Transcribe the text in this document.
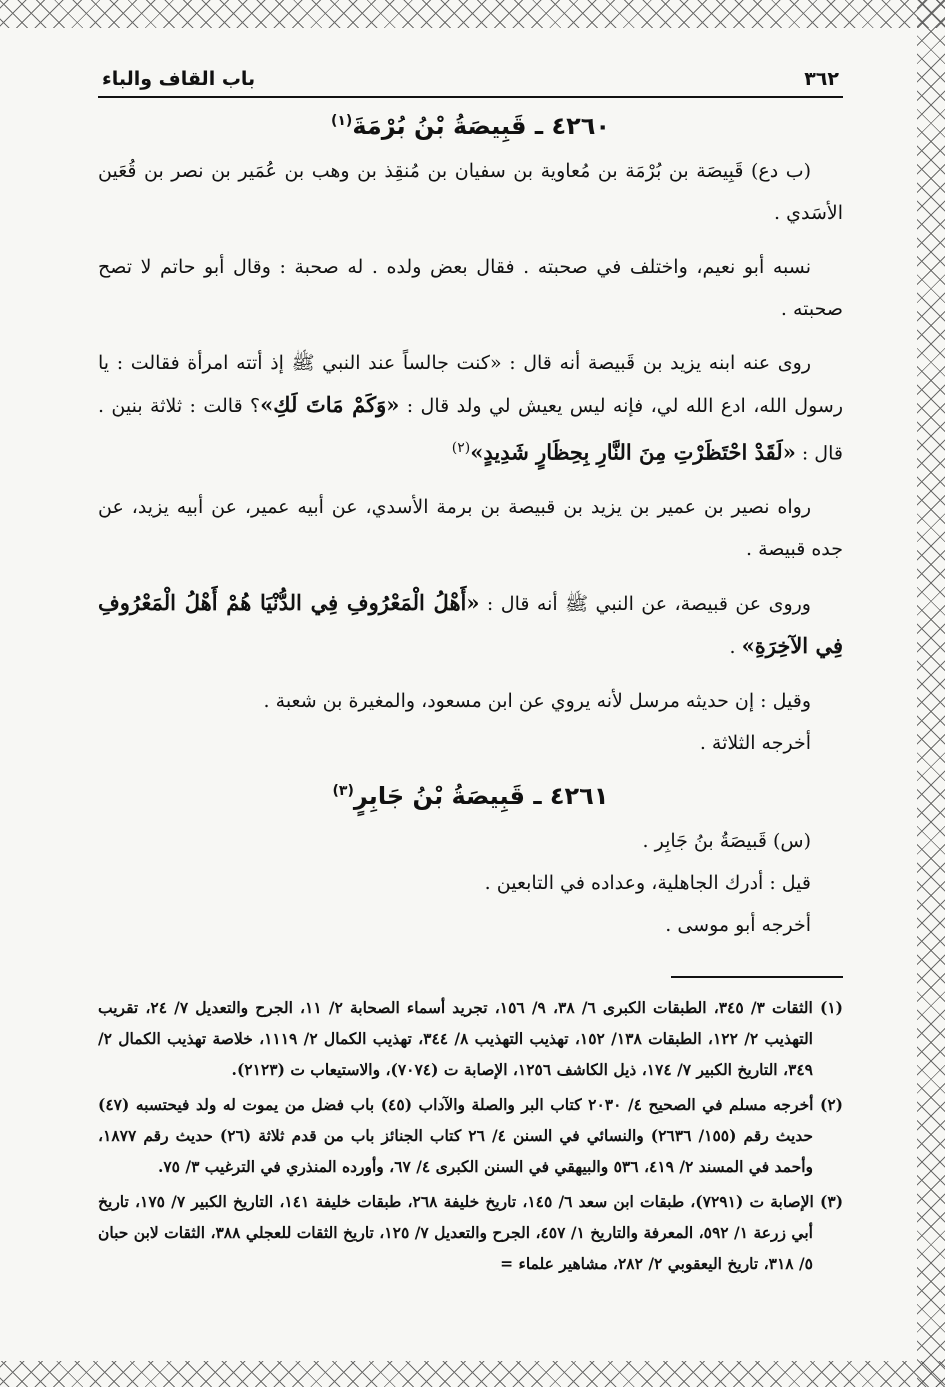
٣٦٢
باب القاف والباء
٤٢٦٠ ـ قَبِيصَةُ بْنُ بُرْمَةَ$^{(١)}$

(ب دع) قَبِيصَة بن بُرْمَة بن مُعاوية بن سفيان بن مُنقِذ بن وهب بن عُمَير بن نصر بن قُعَين الأسَدي .

نسبه أبو نعيم، واختلف في صحبته . فقال بعض ولده . له صحبة : وقال أبو حاتم لا تصح صحبته .

روى عنه ابنه يزيد بن قَبيصة أنه قال : «كنت جالساً عند النبي ﷺ إذ أتته امرأة فقالت : يا رسول الله، ادع الله لي، فإنه ليس يعيش لي ولد قال : «وَكَمْ مَاتَ لَكِ»؟ قالت : ثلاثة بنين . قال : «لَقَدْ احْتَظَرْتِ مِنَ النَّارِ بِحِظَارٍ شَدِيدٍ»$^{(٢)}$

رواه نصير بن عمير بن يزيد بن قبيصة بن برمة الأسدي، عن أبيه عمير، عن أبيه يزيد، عن جده قبيصة .

وروى عن قبيصة، عن النبي ﷺ أنه قال : «أَهْلُ الْمَعْرُوفِ فِي الدُّنْيَا هُمْ أَهْلُ الْمَعْرُوفِ فِي الآخِرَةِ» .

وقيل : إن حديثه مرسل لأنه يروي عن ابن مسعود، والمغيرة بن شعبة .

أخرجه الثلاثة .

٤٢٦١ ـ قَبِيصَةُ بْنُ جَابِرٍ$^{(٣)}$

(س) قَبيصَةُ بنُ جَابِر .

قيل : أدرك الجاهلية، وعداده في التابعين .

أخرجه أبو موسى .

(١) الثقات ٣/ ٣٤٥، الطبقات الكبرى ٦/ ٣٨، ٩/ ١٥٦، تجريد أسماء الصحابة ٢/ ١١، الجرح والتعديل ٧/ ٢٤، تقريب التهذيب ٢/ ١٢٢، الطبقات ١٣٨/ ١٥٢، تهذيب التهذيب ٨/ ٣٤٤، تهذيب الكمال ٢/ ١١١٩، خلاصة تهذيب الكمال ٢/ ٣٤٩، التاريخ الكبير ٧/ ١٧٤، ذيل الكاشف ١٢٥٦، الإصابة ت (٧٠٧٤)، والاستيعاب ت (٢١٢٣).

(٢) أخرجه مسلم في الصحيح ٤/ ٢٠٣٠ كتاب البر والصلة والآداب (٤٥) باب فضل من يموت له ولد فيحتسبه (٤٧) حديث رقم (١٥٥/ ٢٦٣٦) والنسائي في السنن ٤/ ٢٦ كتاب الجنائز باب من قدم ثلاثة (٢٦) حديث رقم ١٨٧٧، وأحمد في المسند ٢/ ٤١٩، ٥٣٦ والبيهقي في السنن الكبرى ٤/ ٦٧، وأورده المنذري في الترغيب ٣/ ٧٥.

(٣) الإصابة ت (٧٢٩١)، طبقات ابن سعد ٦/ ١٤٥، تاريخ خليفة ٢٦٨، طبقات خليفة ١٤١، التاريخ الكبير ٧/ ١٧٥، تاريخ أبي زرعة ١/ ٥٩٢، المعرفة والتاريخ ١/ ٤٥٧، الجرح والتعديل ٧/ ١٢٥، تاريخ الثقات للعجلي ٣٨٨، الثقات لابن حبان ٥/ ٣١٨، تاريخ اليعقوبي ٢/ ٢٨٢، مشاهير علماء =
